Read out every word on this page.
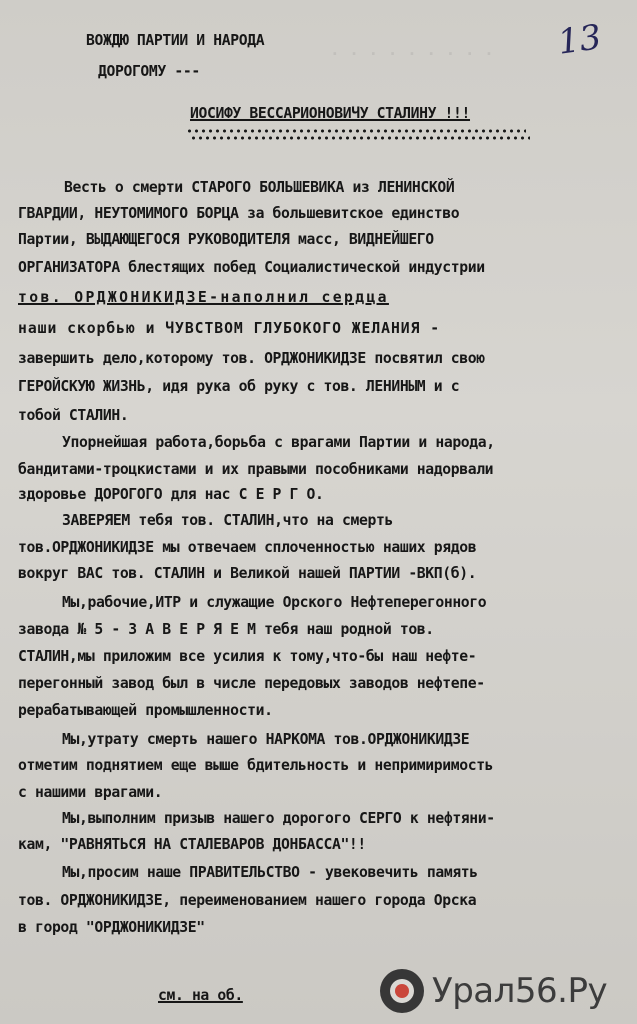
. . . . . . . . . 13
ВОЖДЮ ПАРТИИ И НАРОДА
ДОРОГОМУ ---
ИОСИФУ ВЕССАРИОНОВИЧУ СТАЛИНУ !!!
Весть о смерти СТАРОГО БОЛЬШЕВИКА из ЛЕНИНСКОЙ
ГВАРДИИ, НЕУТОМИМОГО БОРЦА за большевитское единство
Партии, ВЫДАЮЩЕГОСЯ РУКОВОДИТЕЛЯ масс, ВИДНЕЙШЕГО
ОРГАНИЗАТОРА блестящих побед Социалистической индустрии
тов. ОРДЖОНИКИДЗЕ-наполнил сердца
наши скорбью и ЧУВСТВОМ ГЛУБОКОГО ЖЕЛАНИЯ -
завершить дело,которому тов. ОРДЖОНИКИДЗЕ посвятил свою
ГЕРОЙСКУЮ ЖИЗНЬ, идя рука об руку с тов. ЛЕНИНЫМ и с
тобой СТАЛИН.
Упорнейшая работа,борьба с врагами Партии и народа,
бандитами-троцкистами и их правыми пособниками надорвали
здоровье ДОРОГОГО для нас С Е Р Г О.
ЗАВЕРЯЕМ тебя тов. СТАЛИН,что на смерть
тов.ОРДЖОНИКИДЗЕ мы отвечаем сплоченностью наших рядов
вокруг ВАС тов. СТАЛИН и Великой нашей ПАРТИИ -ВКП(б).
Мы,рабочие,ИТР и служащие Орского Нефтеперегонного
завода № 5 - З А В Е Р Я Е М тебя наш родной тов.
СТАЛИН,мы приложим все усилия к тому,что-бы наш нефте-
перегонный завод был в числе передовых заводов нефтепе-
рерабатывающей промышленности.
Мы,утрату смерть нашего НАРКОМА тов.ОРДЖОНИКИДЗЕ
отметим поднятием еще выше бдительность и непримиримость
с нашими врагами.
Мы,выполним призыв нашего дорогого СЕРГО к нефтяни-
кам, "РАВНЯТЬСЯ НА СТАЛЕВАРОВ ДОНБАССА"!!
Мы,просим наше ПРАВИТЕЛЬСТВО - увековечить память
тов. ОРДЖОНИКИДЗЕ, переименованием нашего города Орска
в город "ОРДЖОНИКИДЗЕ"
см. на об.	Урал56.Ру
